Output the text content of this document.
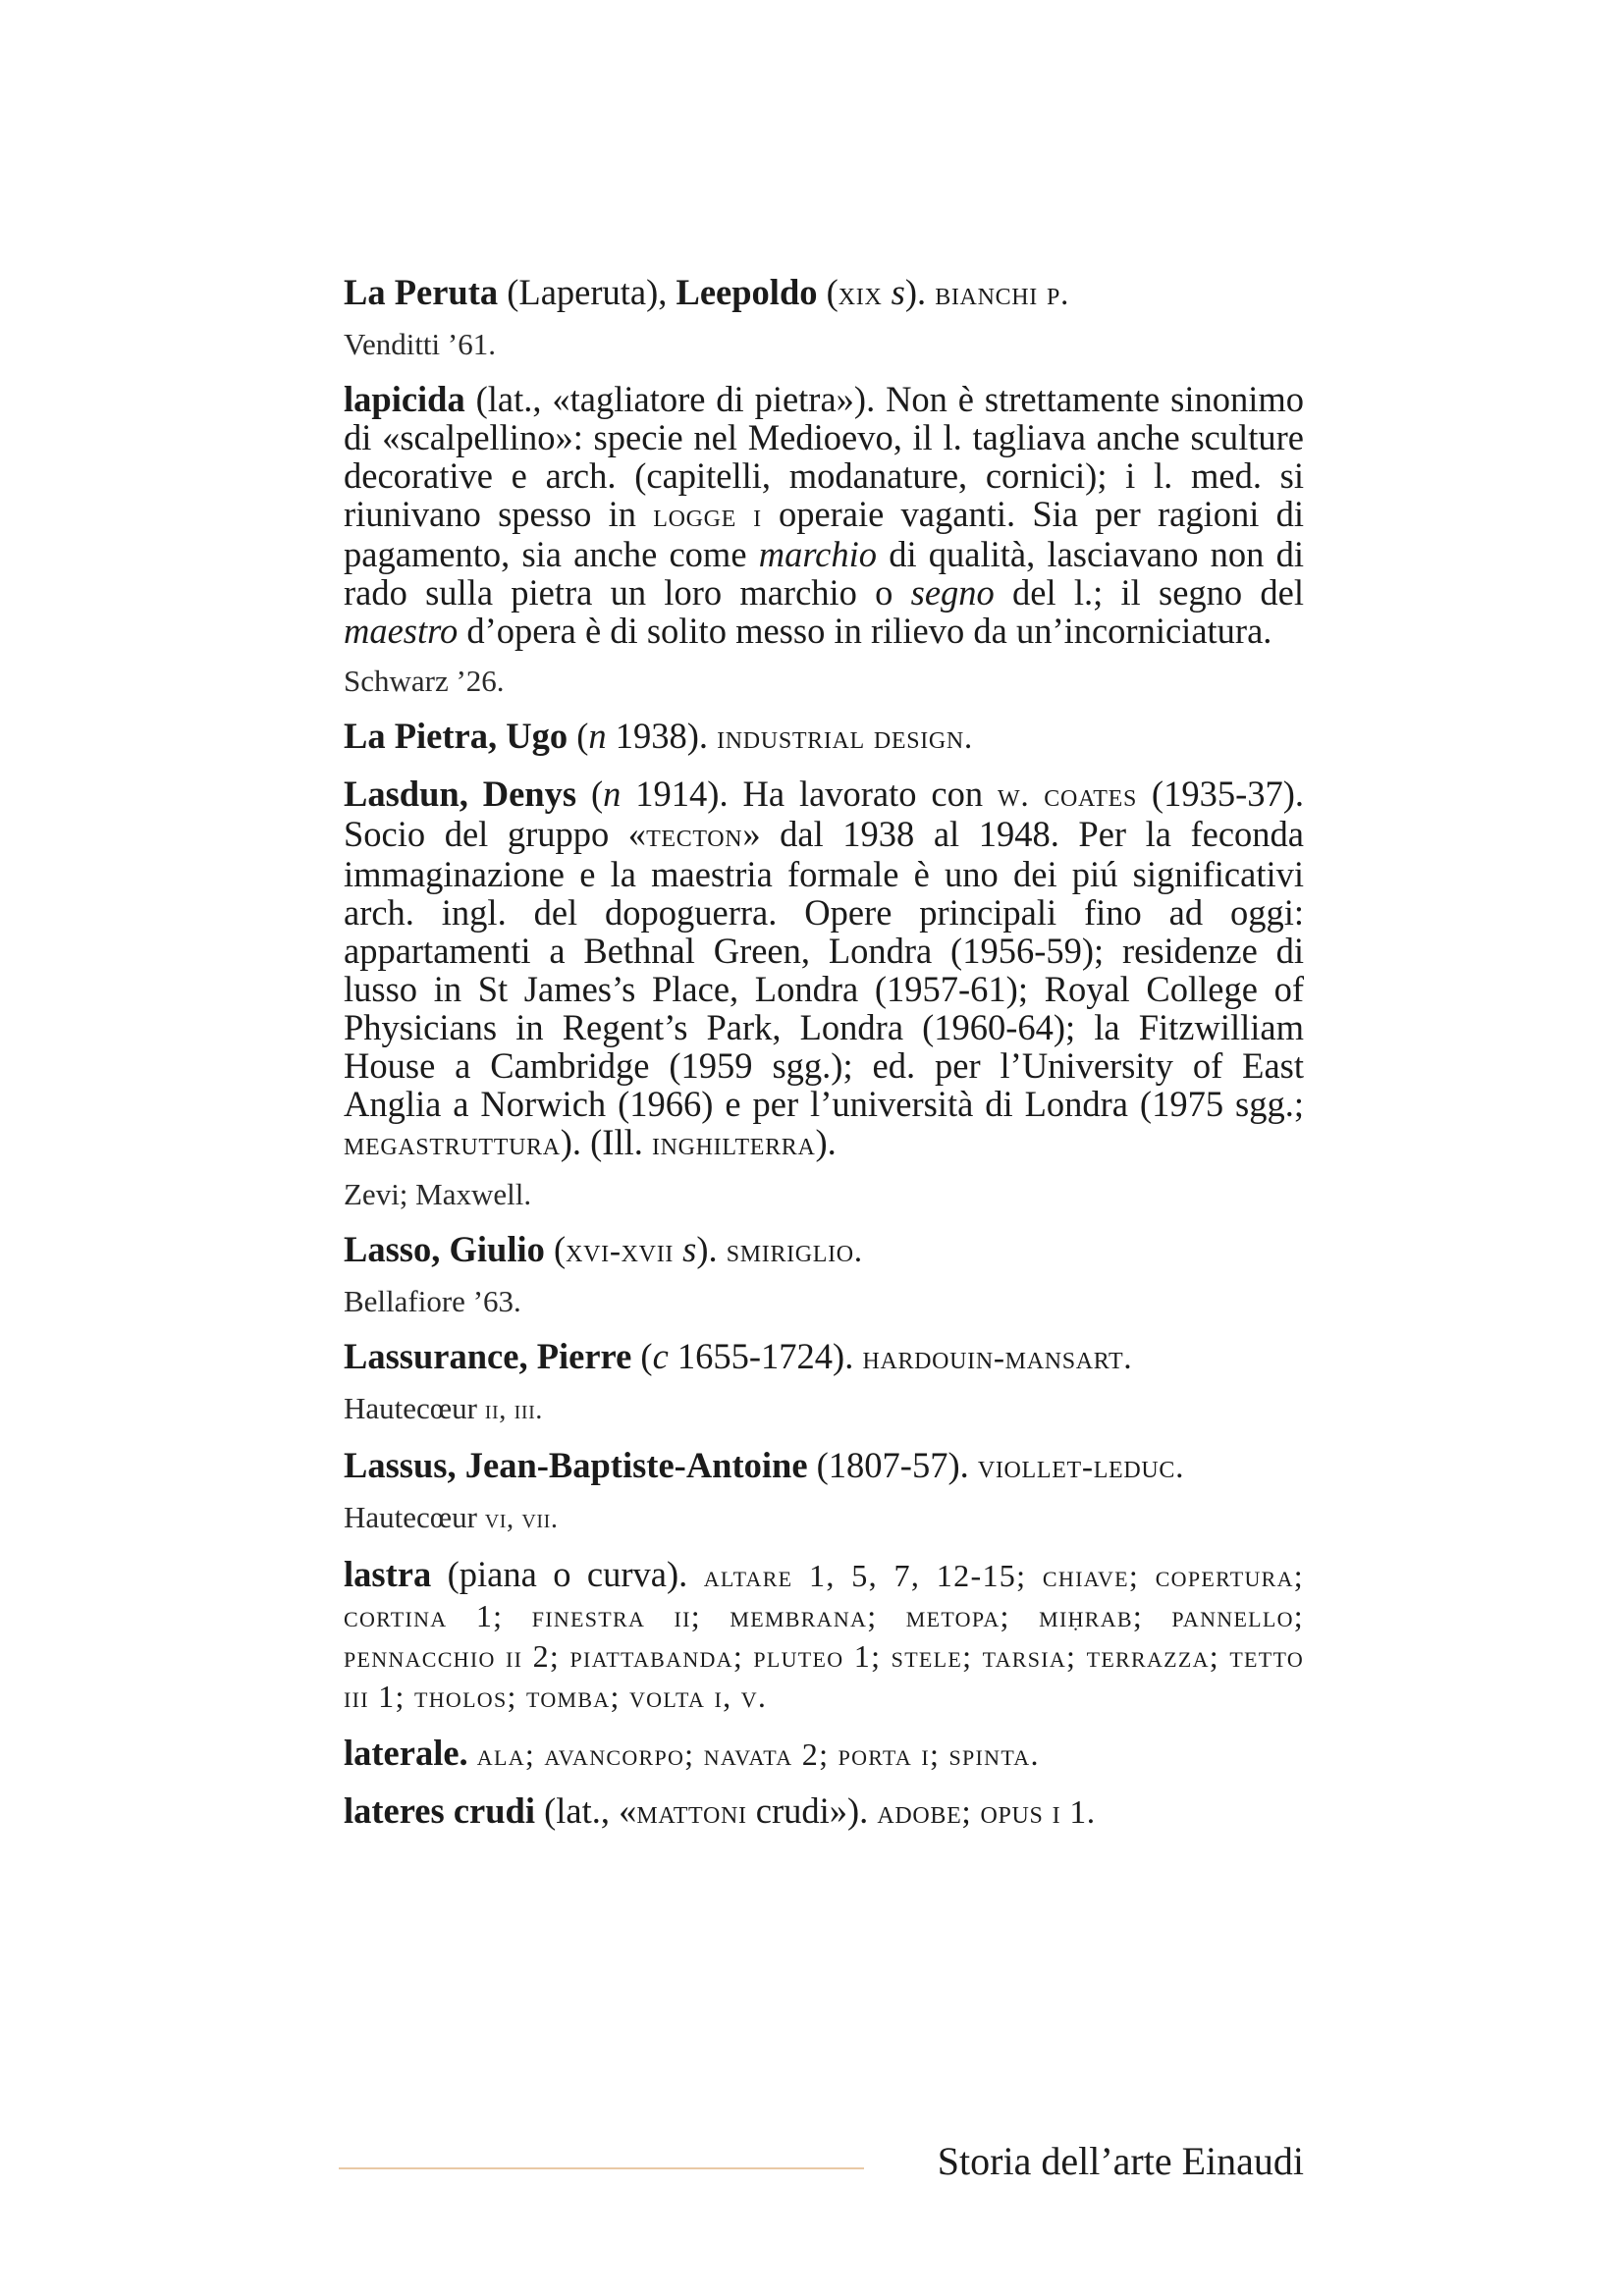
La Peruta (Laperuta), Leepoldo (xix s). bianchi p.

Venditti ’61.

lapicida (lat., «tagliatore di pietra»). Non è strettamente sinonimo di «scalpellino»: specie nel Medioevo, il l. tagliava anche sculture decorative e arch. (capitelli, modanature, cornici); i l. med. si riunivano spesso in logge i operaie vaganti. Sia per ragioni di pagamento, sia anche come marchio di qualità, lasciavano non di rado sulla pietra un loro marchio o segno del l.; il segno del maestro d’opera è di solito messo in rilievo da un’incorniciatura.

Schwarz ’26.

La Pietra, Ugo (n 1938). industrial design.

Lasdun, Denys (n 1914). Ha lavorato con w. coates (1935-37). Socio del gruppo «tecton» dal 1938 al 1948. Per la feconda immaginazione e la maestria formale è uno dei piú significativi arch. ingl. del dopoguerra. Opere principali fino ad oggi: appartamenti a Bethnal Green, Londra (1956-59); residenze di lusso in St James’s Place, Londra (1957-61); Royal College of Physicians in Regent’s Park, Londra (1960-64); la Fitzwilliam House a Cambridge (1959 sgg.); ed. per l’University of East Anglia a Norwich (1966) e per l’università di Londra (1975 sgg.; megastruttura). (Ill. inghilterra).

Zevi; Maxwell.

Lasso, Giulio (xvi-xvii s). smiriglio.

Bellafiore ’63.

Lassurance, Pierre (c 1655-1724). hardouin-mansart.

Hautecœur ii, iii.

Lassus, Jean-Baptiste-Antoine (1807-57). viollet-leduc.

Hautecœur vi, vii.

lastra (piana o curva). altare 1, 5, 7, 12-15; chiave; copertura; cortina 1; finestra ii; membrana; metopa; miḥrab; pannello; pennacchio ii 2; piattabanda; pluteo 1; stele; tarsia; terrazza; tetto iii 1; tholos; tomba; volta i, v.

laterale. ala; avancorpo; navata 2; porta i; spinta.

lateres crudi (lat., «mattoni crudi»). adobe; opus i 1.

Storia dell’arte Einaudi
